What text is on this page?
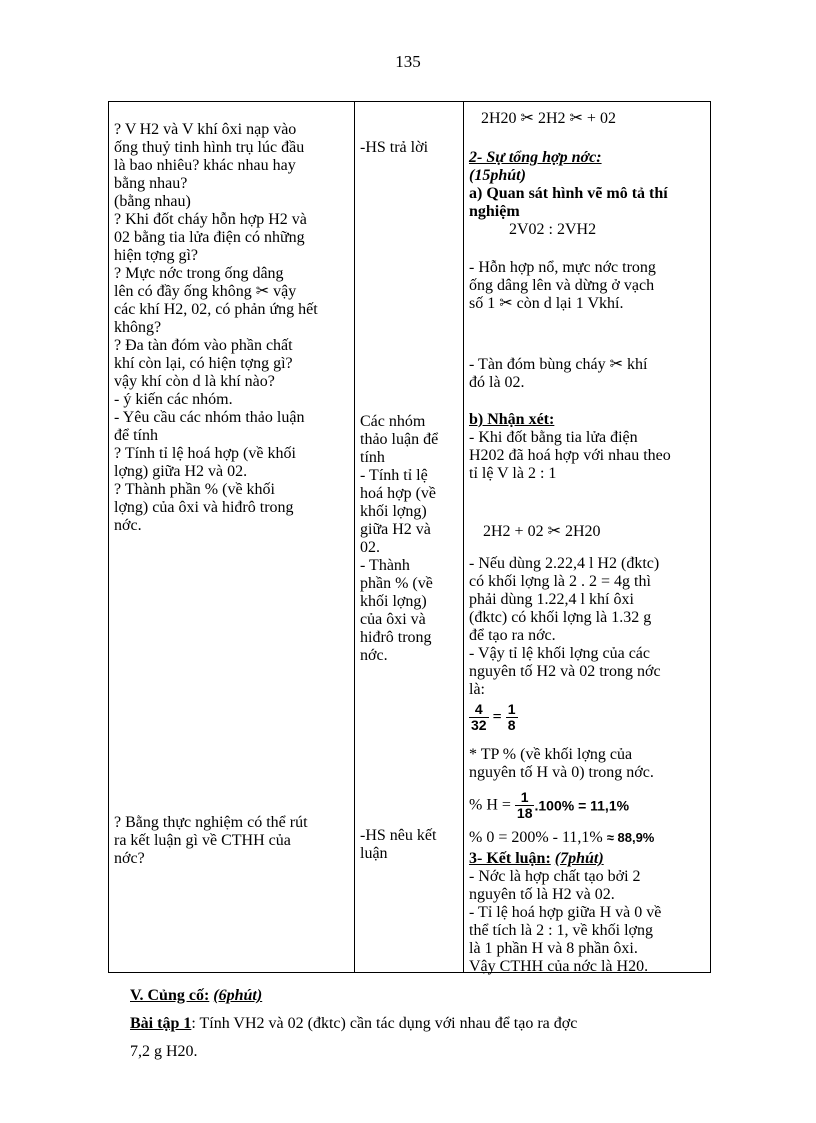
135
? V H2 và V khí ôxi nạp vào
ống thuỷ tinh hình trụ lúc đầu
là bao nhiêu? khác nhau hay
bằng nhau?
(bằng nhau)
? Khi đốt cháy hỗn hợp H2 và
02 bằng tia lửa điện có những
hiện tợng gì?
? Mực nớc trong ống dâng
lên có đầy ống không ✂ vậy
các khí H2, 02, có phản ứng hết
không?
? Đa tàn đóm vào phần chất
khí còn lại, có hiện tợng gì?
vậy khí còn d là khí nào?
- ý kiến các nhóm.
- Yêu cầu các nhóm thảo luận
để tính
? Tính tỉ lệ hoá hợp (về khối
lợng) giữa H2 và 02.
? Thành phần % (về khối
lợng) của ôxi và hiđrô trong
nớc.
? Bằng thực nghiệm có thể rút
ra kết luận gì về CTHH của
nớc?
-HS trả lời
Các nhóm
thảo luận để
tính
- Tính tỉ lệ
hoá hợp (về
khối lợng)
giữa H2 và
02.
- Thành
phần % (về
khối lợng)
của ôxi và
hiđrô trong
nớc.
-HS nêu kết
luận
2H20 ✂ 2H2 ✂ + 02
2- Sự tổng hợp nớc:
(15phút)
a) Quan sát hình vẽ mô tả thí
nghiệm
2V02 : 2VH2
- Hỗn hợp nổ, mực nớc trong
ống dâng lên và dừng ở vạch
số 1 ✂ còn d lại 1 Vkhí.
- Tàn đóm bùng cháy ✂ khí
đó là 02.
b) Nhận xét:
- Khi đốt bằng tia lửa điện
H202 đã hoá hợp với nhau theo
tỉ lệ V là 2 : 1
2H2 + 02 ✂ 2H20
- Nếu dùng 2.22,4 l H2 (đktc)
có khối lợng là 2 . 2 = 4g thì
phải dùng 1.22,4 l khí ôxi
(đktc) có khối lợng là 1.32 g
để tạo ra nớc.
- Vậy tỉ lệ khối lợng của các
nguyên tố H2 và 02 trong nớc
là:
$\frac{4}{32} = \frac{1}{8}$
* TP % (về khối lợng của
nguyên tố H và 0) trong nớc.
% $H = \frac{1}{18} .100\% = 11,1\%$
% 0 = 200% - 11,1% ≈ 88,9%
3- Kết luận: (7phút)
- Nớc là hợp chất tạo bởi 2
nguyên tố là H2 và 02.
- Tỉ lệ hoá hợp giữa H và 0 về
thể tích là 2 : 1, về khối lợng
là 1 phần H và 8 phần ôxi.
Vậy CTHH của nớc là H20.

V. Củng cố: (6phút)

Bài tập 1: Tính VH2 và 02 (đktc) cần tác dụng với nhau để tạo ra đợc

7,2 g H20.
